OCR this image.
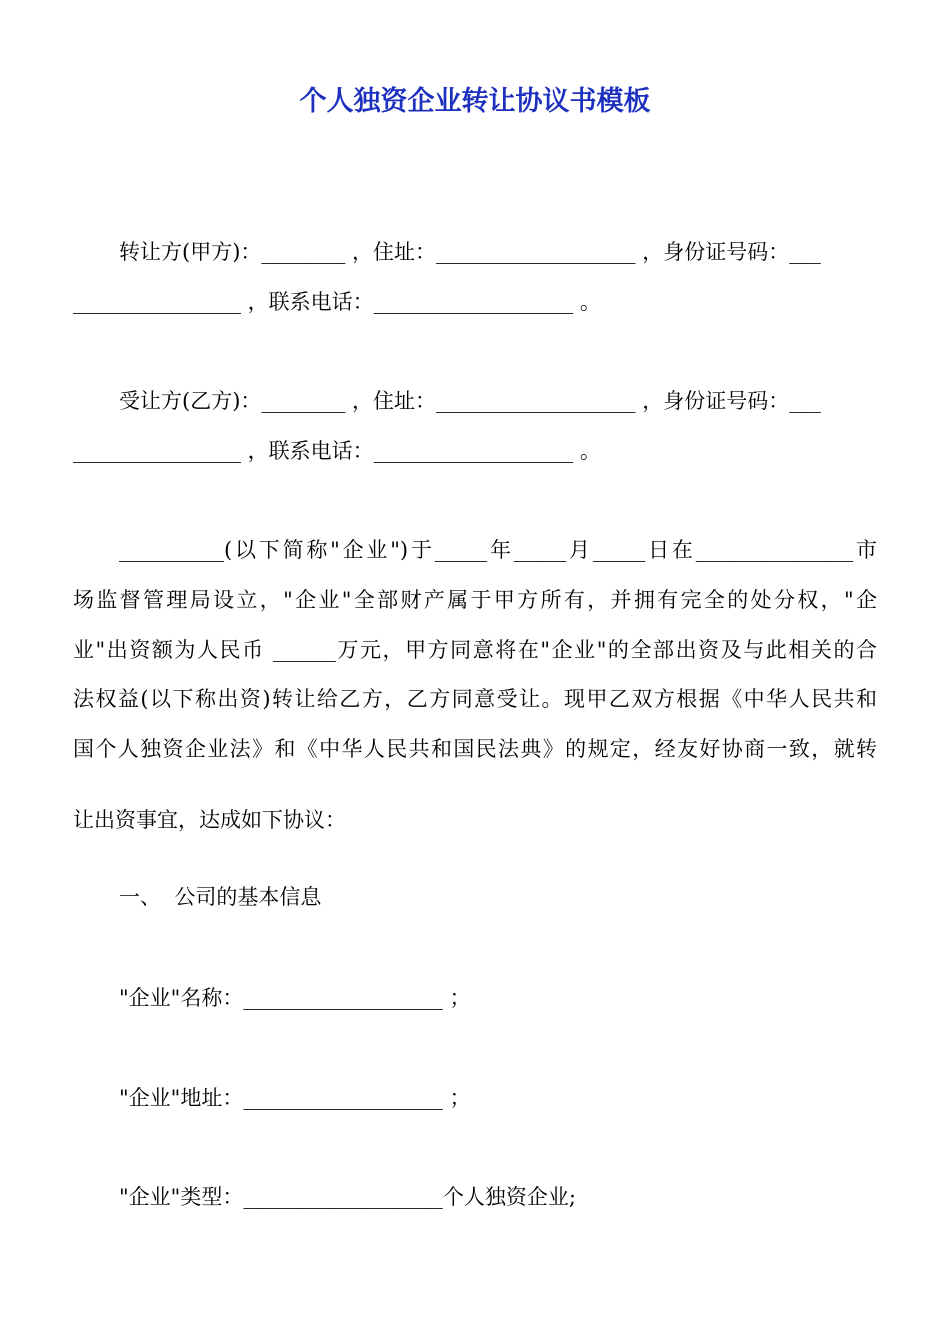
个人独资企业转让协议书模板
转让方(甲方)：________ ，住址：___________________ ，身份证号码：___
________________ ，联系电话：___________________ 。
受让方(乙方)：________ ，住址：___________________ ，身份证号码：___
________________ ，联系电话：___________________ 。

__________(以下简称"企业")于_____年_____月_____日在_______________市

场监督管理局设立，"企业"全部财产属于甲方所有，并拥有完全的处分权，"企

业"出资额为人民币 ______万元，甲方同意将在"企业"的全部出资及与此相关的合

法权益(以下称出资)转让给乙方，乙方同意受让。现甲乙双方根据《中华人民共和

国个人独资企业法》和《中华人民共和国民法典》的规定，经友好协商一致，就转

让出资事宜，达成如下协议：

一、  公司的基本信息
"企业"名称：___________________ ；
"企业"地址：___________________ ；
"企业"类型：___________________个人独资企业;
